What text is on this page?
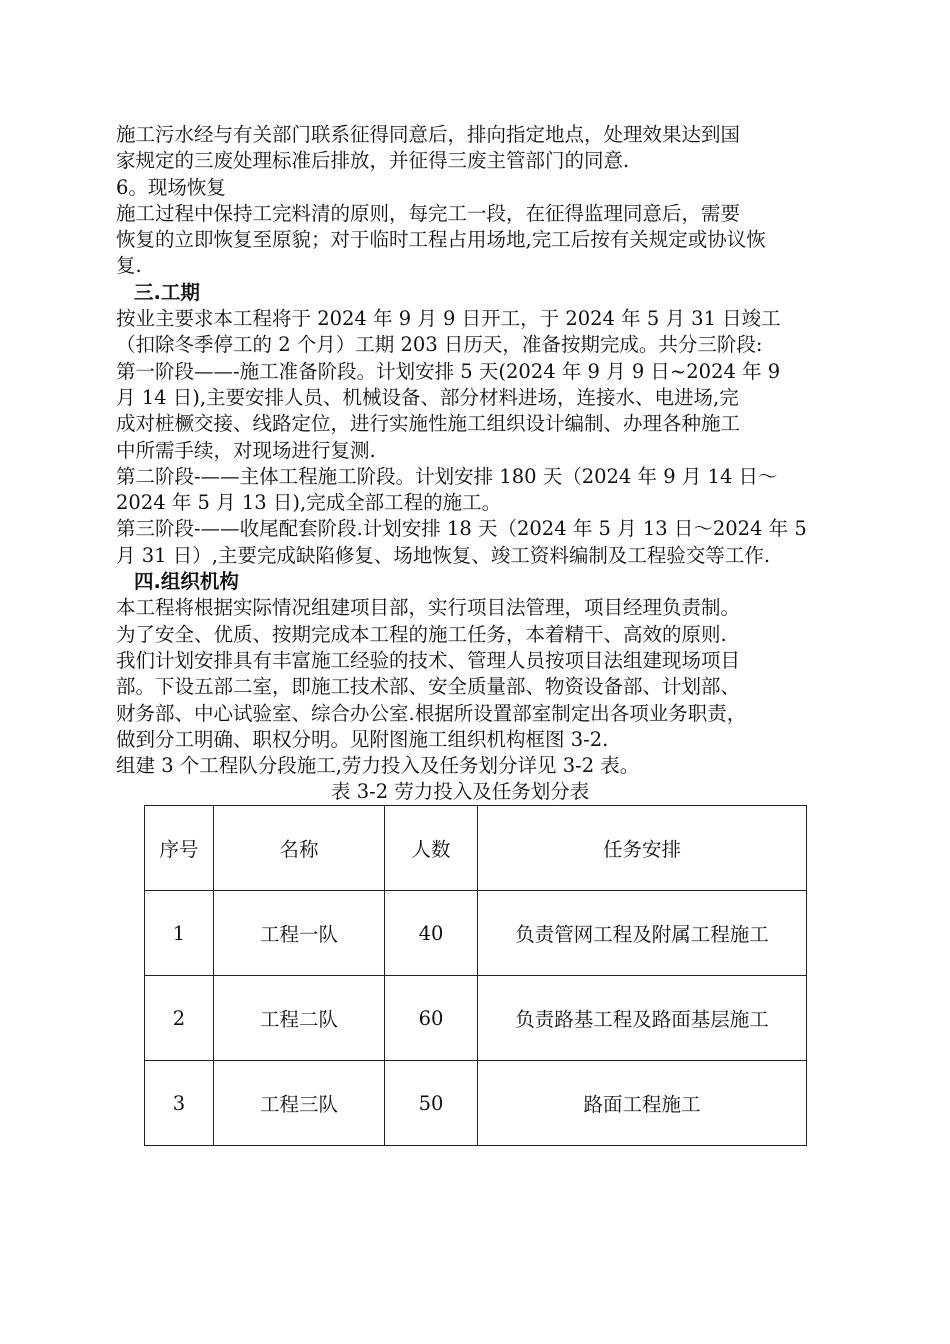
施工污水经与有关部门联系征得同意后，排向指定地点，处理效果达到国
家规定的三废处理标准后排放，并征得三废主管部门的同意.
6。现场恢复
施工过程中保持工完料清的原则，每完工一段，在征得监理同意后，需要
恢复的立即恢复至原貌；对于临时工程占用场地,完工后按有关规定或协议恢
复.
三.工期
按业主要求本工程将于 2024 年 9 月 9 日开工，于 2024 年 5 月 31 日竣工
（扣除冬季停工的 2 个月）工期 203 日历天，准备按期完成。共分三阶段:
第一阶段——-施工准备阶段。计划安排 5 天(2024 年 9 月 9 日~2024 年 9
月 14 日),主要安排人员、机械设备、部分材料进场，连接水、电进场,完
成对桩橛交接、线路定位，进行实施性施工组织设计编制、办理各种施工
中所需手续，对现场进行复测.
第二阶段-——主体工程施工阶段。计划安排 180 天（2024 年 9 月 14 日～
2024 年 5 月 13 日),完成全部工程的施工。
第三阶段-——收尾配套阶段.计划安排 18 天（2024 年 5 月 13 日～2024 年 5
月 31 日）,主要完成缺陷修复、场地恢复、竣工资料编制及工程验交等工作.
四.组织机构
本工程将根据实际情况组建项目部，实行项目法管理，项目经理负责制。
为了安全、优质、按期完成本工程的施工任务，本着精干、高效的原则.
我们计划安排具有丰富施工经验的技术、管理人员按项目法组建现场项目
部。下设五部二室，即施工技术部、安全质量部、物资设备部、计划部、
财务部、中心试验室、综合办公室.根据所设置部室制定出各项业务职责，
做到分工明确、职权分明。见附图施工组织机构框图 3-2.
组建 3 个工程队分段施工,劳力投入及任务划分详见 3-2 表。
表 3-2 劳力投入及任务划分表
序号	名称	人数	任务安排
1	工程一队	40	负责管网工程及附属工程施工
2	工程二队	60	负责路基工程及路面基层施工
3	工程三队	50	路面工程施工
